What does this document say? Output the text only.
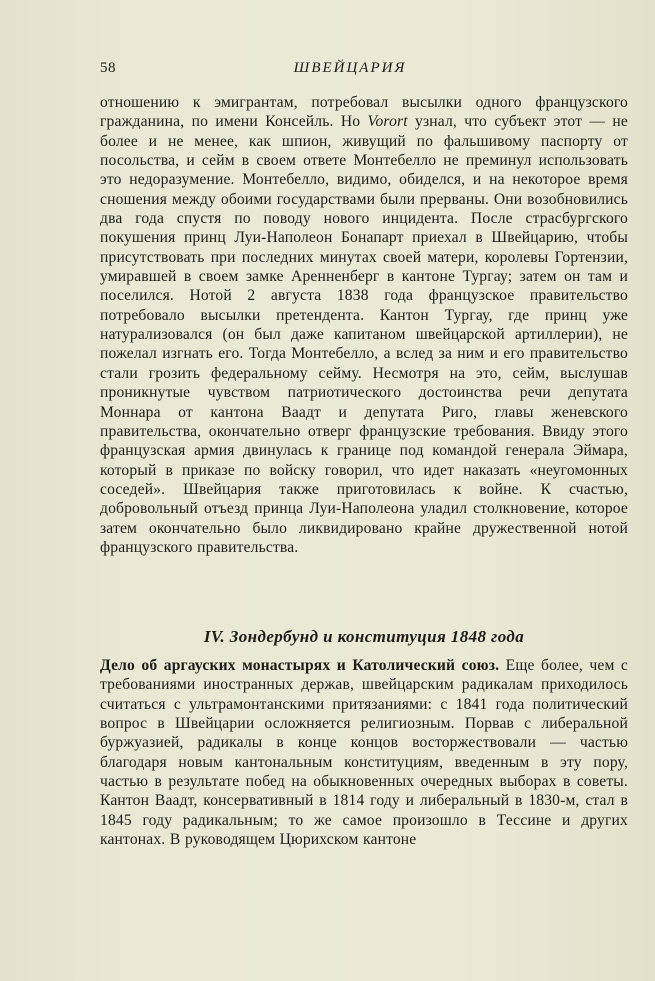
58	ШВЕЙЦАРИЯ
отношению к эмигрантам, потребовал высылки одного французского гражданина, по имени Консейль. Но Vorort узнал, что субъект этот — не более и не менее, как шпион, живущий по фальшивому паспорту от посольства, и сейм в своем ответе Монтебелло не преминул использовать это недоразумение. Монтебелло, видимо, обиделся, и на некоторое время сношения между обоими государствами были прерваны. Они возобновились два года спустя по поводу нового инцидента. После страсбургского покушения принц Луи-Наполеон Бонапарт приехал в Швейцарию, чтобы присутствовать при последних минутах своей матери, королевы Гортензии, умиравшей в своем замке Аренненберг в кантоне Тургау; затем он там и поселился. Нотой 2 августа 1838 года французское правительство потребовало высылки претендента. Кантон Тургау, где принц уже натурализовался (он был даже капитаном швейцарской артиллерии), не пожелал изгнать его. Тогда Монтебелло, а вслед за ним и его правительство стали грозить федеральному сейму. Несмотря на это, сейм, выслушав проникнутые чувством патриотического достоинства речи депутата Моннара от кантона Ваадт и депутата Риго, главы женевского правительства, окончательно отверг французские требования. Ввиду этого французская армия двинулась к границе под командой генерала Эймара, который в приказе по войску говорил, что идет наказать «неугомонных соседей». Швейцария также приготовилась к войне. К счастью, добровольный отъезд принца Луи-Наполеона уладил столкновение, которое затем окончательно было ликвидировано крайне дружественной нотой французского правительства.
IV. Зондербунд и конституция 1848 года
Дело об аргауских монастырях и Католический союз. Еще более, чем с требованиями иностранных держав, швейцарским радикалам приходилось считаться с ультрамонтанскими притязаниями: с 1841 года политический вопрос в Швейцарии осложняется религиозным. Порвав с либеральной буржуазией, радикалы в конце концов восторжествовали — частью благодаря новым кантональным конституциям, введенным в эту пору, частью в результате побед на обыкновенных очередных выборах в советы. Кантон Ваадт, консервативный в 1814 году и либеральный в 1830-м, стал в 1845 году радикальным; то же самое произошло в Тессине и других кантонах. В руководящем Цюрихском кантоне
